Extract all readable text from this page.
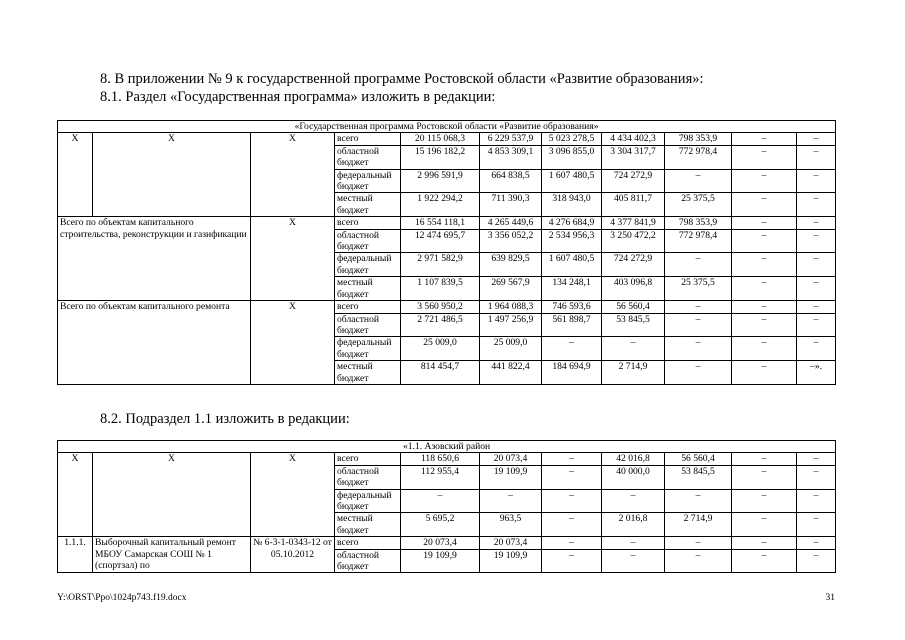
8. В приложении № 9 к государственной программе Ростовской области «Развитие образования»:
8.1. Раздел «Государственная программа» изложить в редакции:
«Государственная программа Ростовской области «Развитие образования»										
Х	Х	Х	всего	20 115 068,3	6 229 537,9	5 023 278,5	4 434 402,3	798 353,9	–	–
			областной бюджет	15 196 182,2	4 853 309,1	3 096 855,0	3 304 317,7	772 978,4	–	–
			федеральный бюджет	2 996 591,9	664 838,5	1 607 480,5	724 272,9	–	–	–
			местный бюджет	1 922 294,2	711 390,3	318 943,0	405 811,7	25 375,5	–	–
Всего по объектам капитального строительства, реконструкции и газификации		Х	всего	16 554 118,1	4 265 449,6	4 276 684,9	4 377 841,9	798 353,9	–	–
			областной бюджет	12 474 695,7	3 356 052,2	2 534 956,3	3 250 472,2	772 978,4	–	–
			федеральный бюджет	2 971 582,9	639 829,5	1 607 480,5	724 272,9	–	–	–
			местный бюджет	1 107 839,5	269 567,9	134 248,1	403 096,8	25 375,5	–	–
Всего по объектам капитального ремонта		Х	всего	3 560 950,2	1 964 088,3	746 593,6	56 560,4	–	–	–
			областной бюджет	2 721 486,5	1 497 256,9	561 898,7	53 845,5	–	–	–
			федеральный бюджет	25 009,0	25 009,0	–	–	–	–	–
			местный бюджет	814 454,7	441 822,4	184 694,9	2 714,9	–	–	–».
8.2. Подраздел 1.1 изложить в редакции:
«1.1. Азовский район										
Х	Х	Х	всего	118 650,6	20 073,4	–	42 016,8	56 560,4	–	–
			областной бюджет	112 955,4	19 109,9	–	40 000,0	53 845,5	–	–
			федеральный бюджет	–	–	–	–	–	–	–
			местный бюджет	5 695,2	963,5	–	2 016,8	2 714,9	–	–
1.1.1.	Выборочный капитальный ремонт МБОУ Самарская СОШ № 1 (спортзал) по	№ 6-3-1-0343-12 от 05.10.2012	всего	20 073,4	20 073,4	–	–	–	–	–
			областной бюджет	19 109,9	19 109,9	–	–	–	–	–
Y:\ORST\Ppo\1024p743.f19.docx	31
